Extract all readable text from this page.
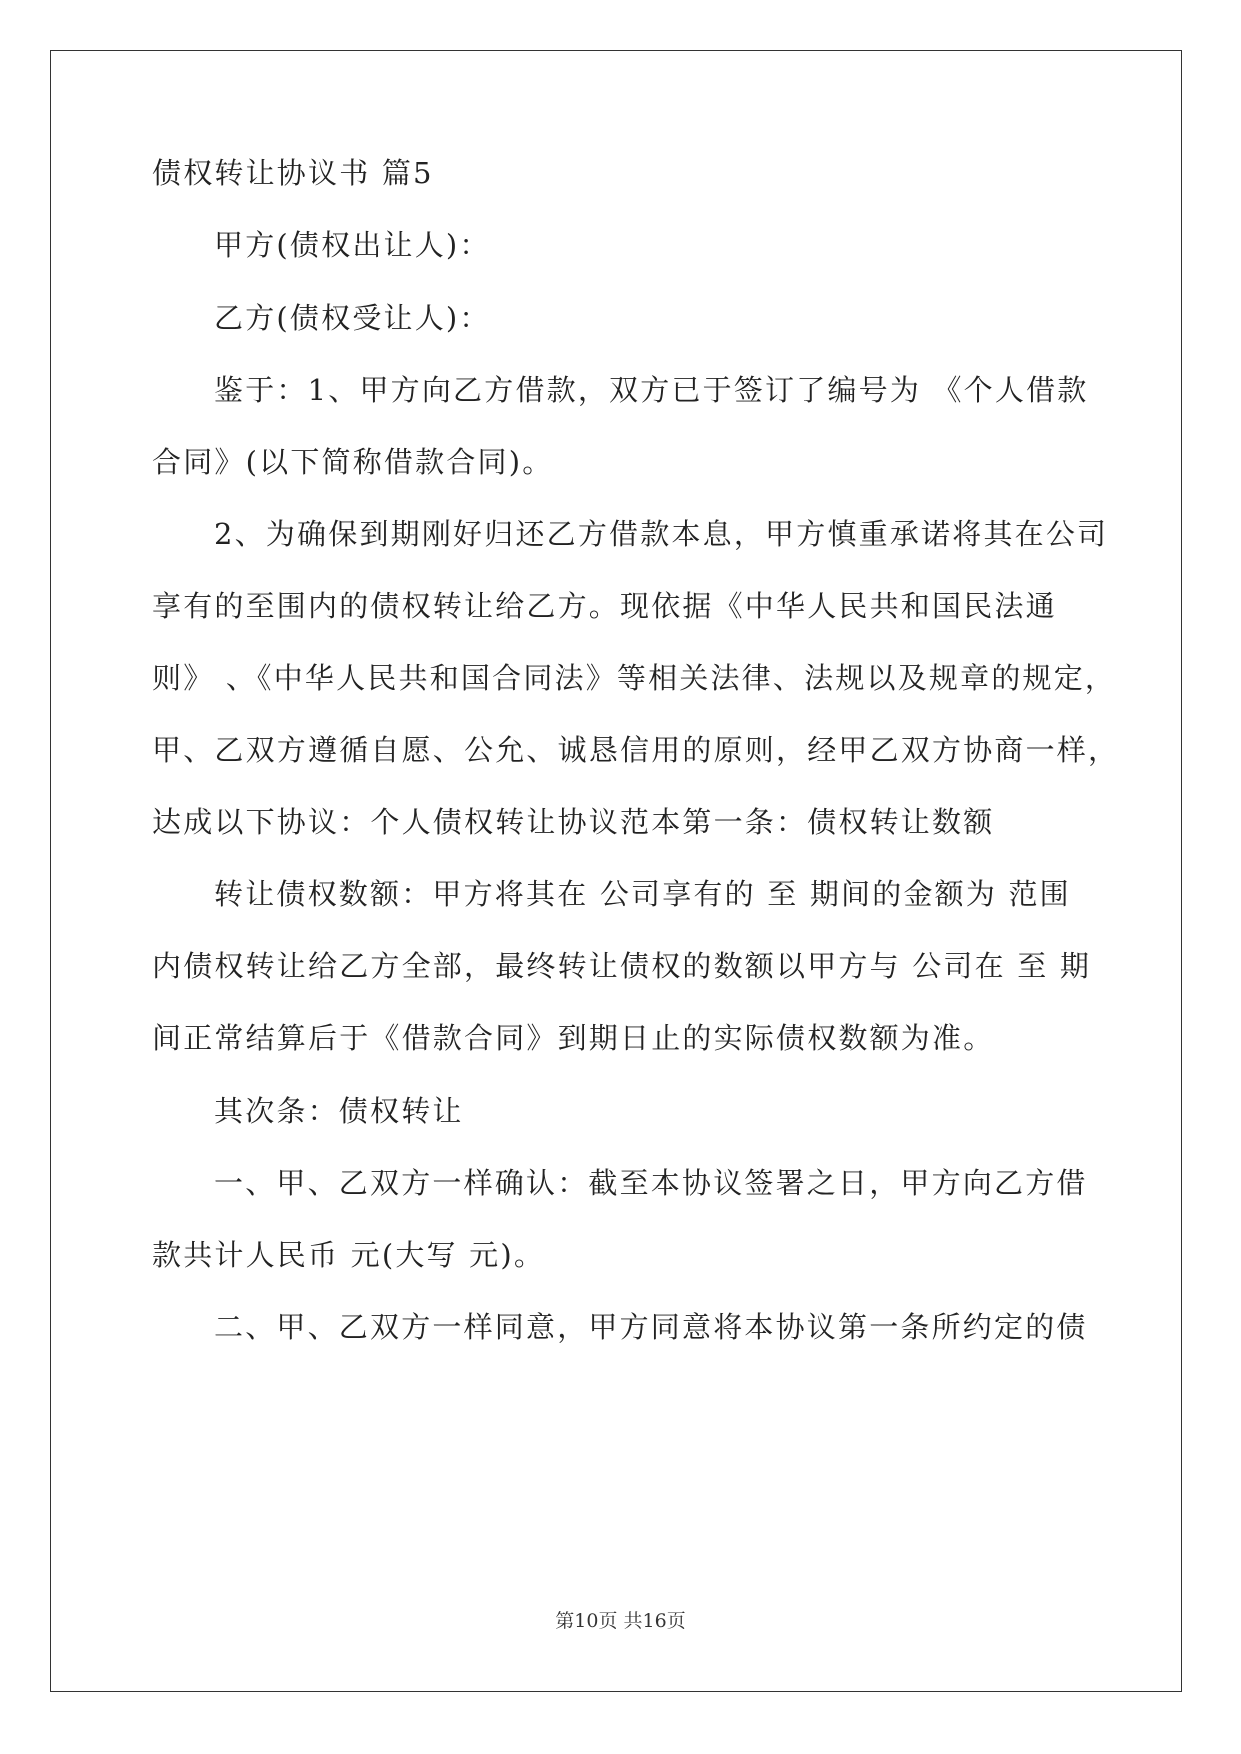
债权转让协议书 篇5
甲方(债权出让人)：
乙方(债权受让人)：
鉴于：1、甲方向乙方借款，双方已于签订了编号为 《个人借款
合同》(以下简称借款合同)。
2、为确保到期刚好归还乙方借款本息，甲方慎重承诺将其在公司
享有的至围内的债权转让给乙方。现依据《中华人民共和国民法通
则》 、《中华人民共和国合同法》等相关法律、法规以及规章的规定，
甲、乙双方遵循自愿、公允、诚恳信用的原则，经甲乙双方协商一样，
达成以下协议：个人债权转让协议范本第一条：债权转让数额
转让债权数额：甲方将其在 公司享有的 至 期间的金额为 范围
内债权转让给乙方全部，最终转让债权的数额以甲方与 公司在 至 期
间正常结算后于《借款合同》到期日止的实际债权数额为准。
其次条：债权转让
一、甲、乙双方一样确认：截至本协议签署之日，甲方向乙方借
款共计人民币 元(大写 元)。
二、甲、乙双方一样同意，甲方同意将本协议第一条所约定的债
第10页 共16页
